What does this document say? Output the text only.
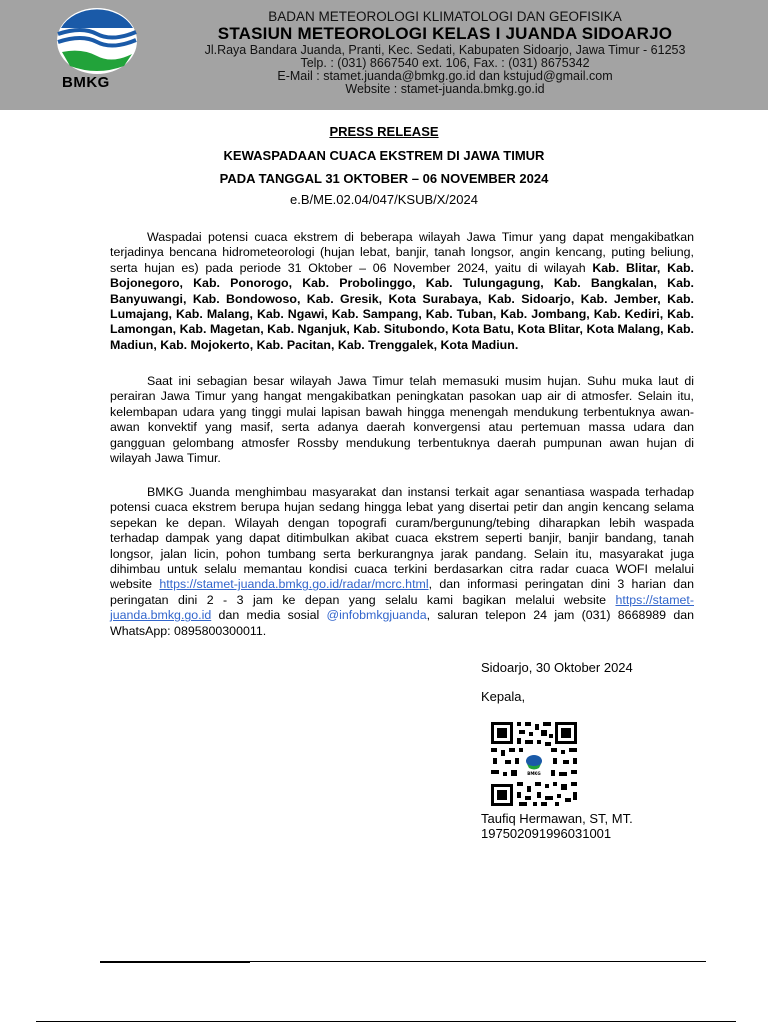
BMKG
BADAN METEOROLOGI KLIMATOLOGI DAN GEOFISIKA
STASIUN METEOROLOGI KELAS I JUANDA SIDOARJO
Jl.Raya Bandara Juanda, Pranti, Kec. Sedati, Kabupaten Sidoarjo, Jawa Timur - 61253
Telp. : (031) 8667540 ext. 106, Fax. : (031) 8675342
E-Mail : stamet.juanda@bmkg.go.id dan kstujud@gmail.com
Website : stamet-juanda.bmkg.go.id
PRESS RELEASE
KEWASPADAAN CUACA EKSTREM DI JAWA TIMUR
PADA TANGGAL 31 OKTOBER – 06 NOVEMBER 2024
e.B/ME.02.04/047/KSUB/X/2024

Waspadai potensi cuaca ekstrem di beberapa wilayah Jawa Timur yang dapat mengakibatkan terjadinya bencana hidrometeorologi (hujan lebat, banjir, tanah longsor, angin kencang, puting beliung, serta hujan es) pada periode 31 Oktober – 06 November 2024, yaitu di wilayah Kab. Blitar, Kab. Bojonegoro, Kab. Ponorogo, Kab. Probolinggo, Kab. Tulungagung, Kab. Bangkalan, Kab. Banyuwangi, Kab. Bondowoso, Kab. Gresik, Kota Surabaya, Kab. Sidoarjo, Kab. Jember, Kab. Lumajang, Kab. Malang, Kab. Ngawi, Kab. Sampang, Kab. Tuban, Kab. Jombang, Kab. Kediri, Kab. Lamongan, Kab. Magetan, Kab. Nganjuk, Kab. Situbondo, Kota Batu, Kota Blitar, Kota Malang, Kab. Madiun, Kab. Mojokerto, Kab. Pacitan, Kab. Trenggalek, Kota Madiun.

Saat ini sebagian besar wilayah Jawa Timur telah memasuki musim hujan. Suhu muka laut di perairan Jawa Timur yang hangat mengakibatkan peningkatan pasokan uap air di atmosfer. Selain itu, kelembapan udara yang tinggi mulai lapisan bawah hingga menengah mendukung terbentuknya awan-awan konvektif yang masif, serta adanya daerah konvergensi atau pertemuan massa udara dan gangguan gelombang atmosfer Rossby mendukung terbentuknya daerah pumpunan awan hujan di wilayah Jawa Timur.

BMKG Juanda menghimbau masyarakat dan instansi terkait agar senantiasa waspada terhadap potensi cuaca ekstrem berupa hujan sedang hingga lebat yang disertai petir dan angin kencang selama sepekan ke depan. Wilayah dengan topografi curam/bergunung/tebing diharapkan lebih waspada terhadap dampak yang dapat ditimbulkan akibat cuaca ekstrem seperti banjir, banjir bandang, tanah longsor, jalan licin, pohon tumbang serta berkurangnya jarak pandang. Selain itu, masyarakat juga dihimbau untuk selalu memantau kondisi cuaca terkini berdasarkan citra radar cuaca WOFI melalui website https://stamet-juanda.bmkg.go.id/radar/mcrc.html, dan informasi peringatan dini 3 harian dan peringatan dini 2 - 3 jam ke depan yang selalu kami bagikan melalui website https://stamet-juanda.bmkg.go.id dan media sosial @infobmkgjuanda, saluran telepon 24 jam (031) 8668989 dan WhatsApp: 0895800300011.

Sidoarjo, 30 Oktober 2024
Kepala,
BMKG
Taufiq Hermawan, ST, MT.
197502091996031001
